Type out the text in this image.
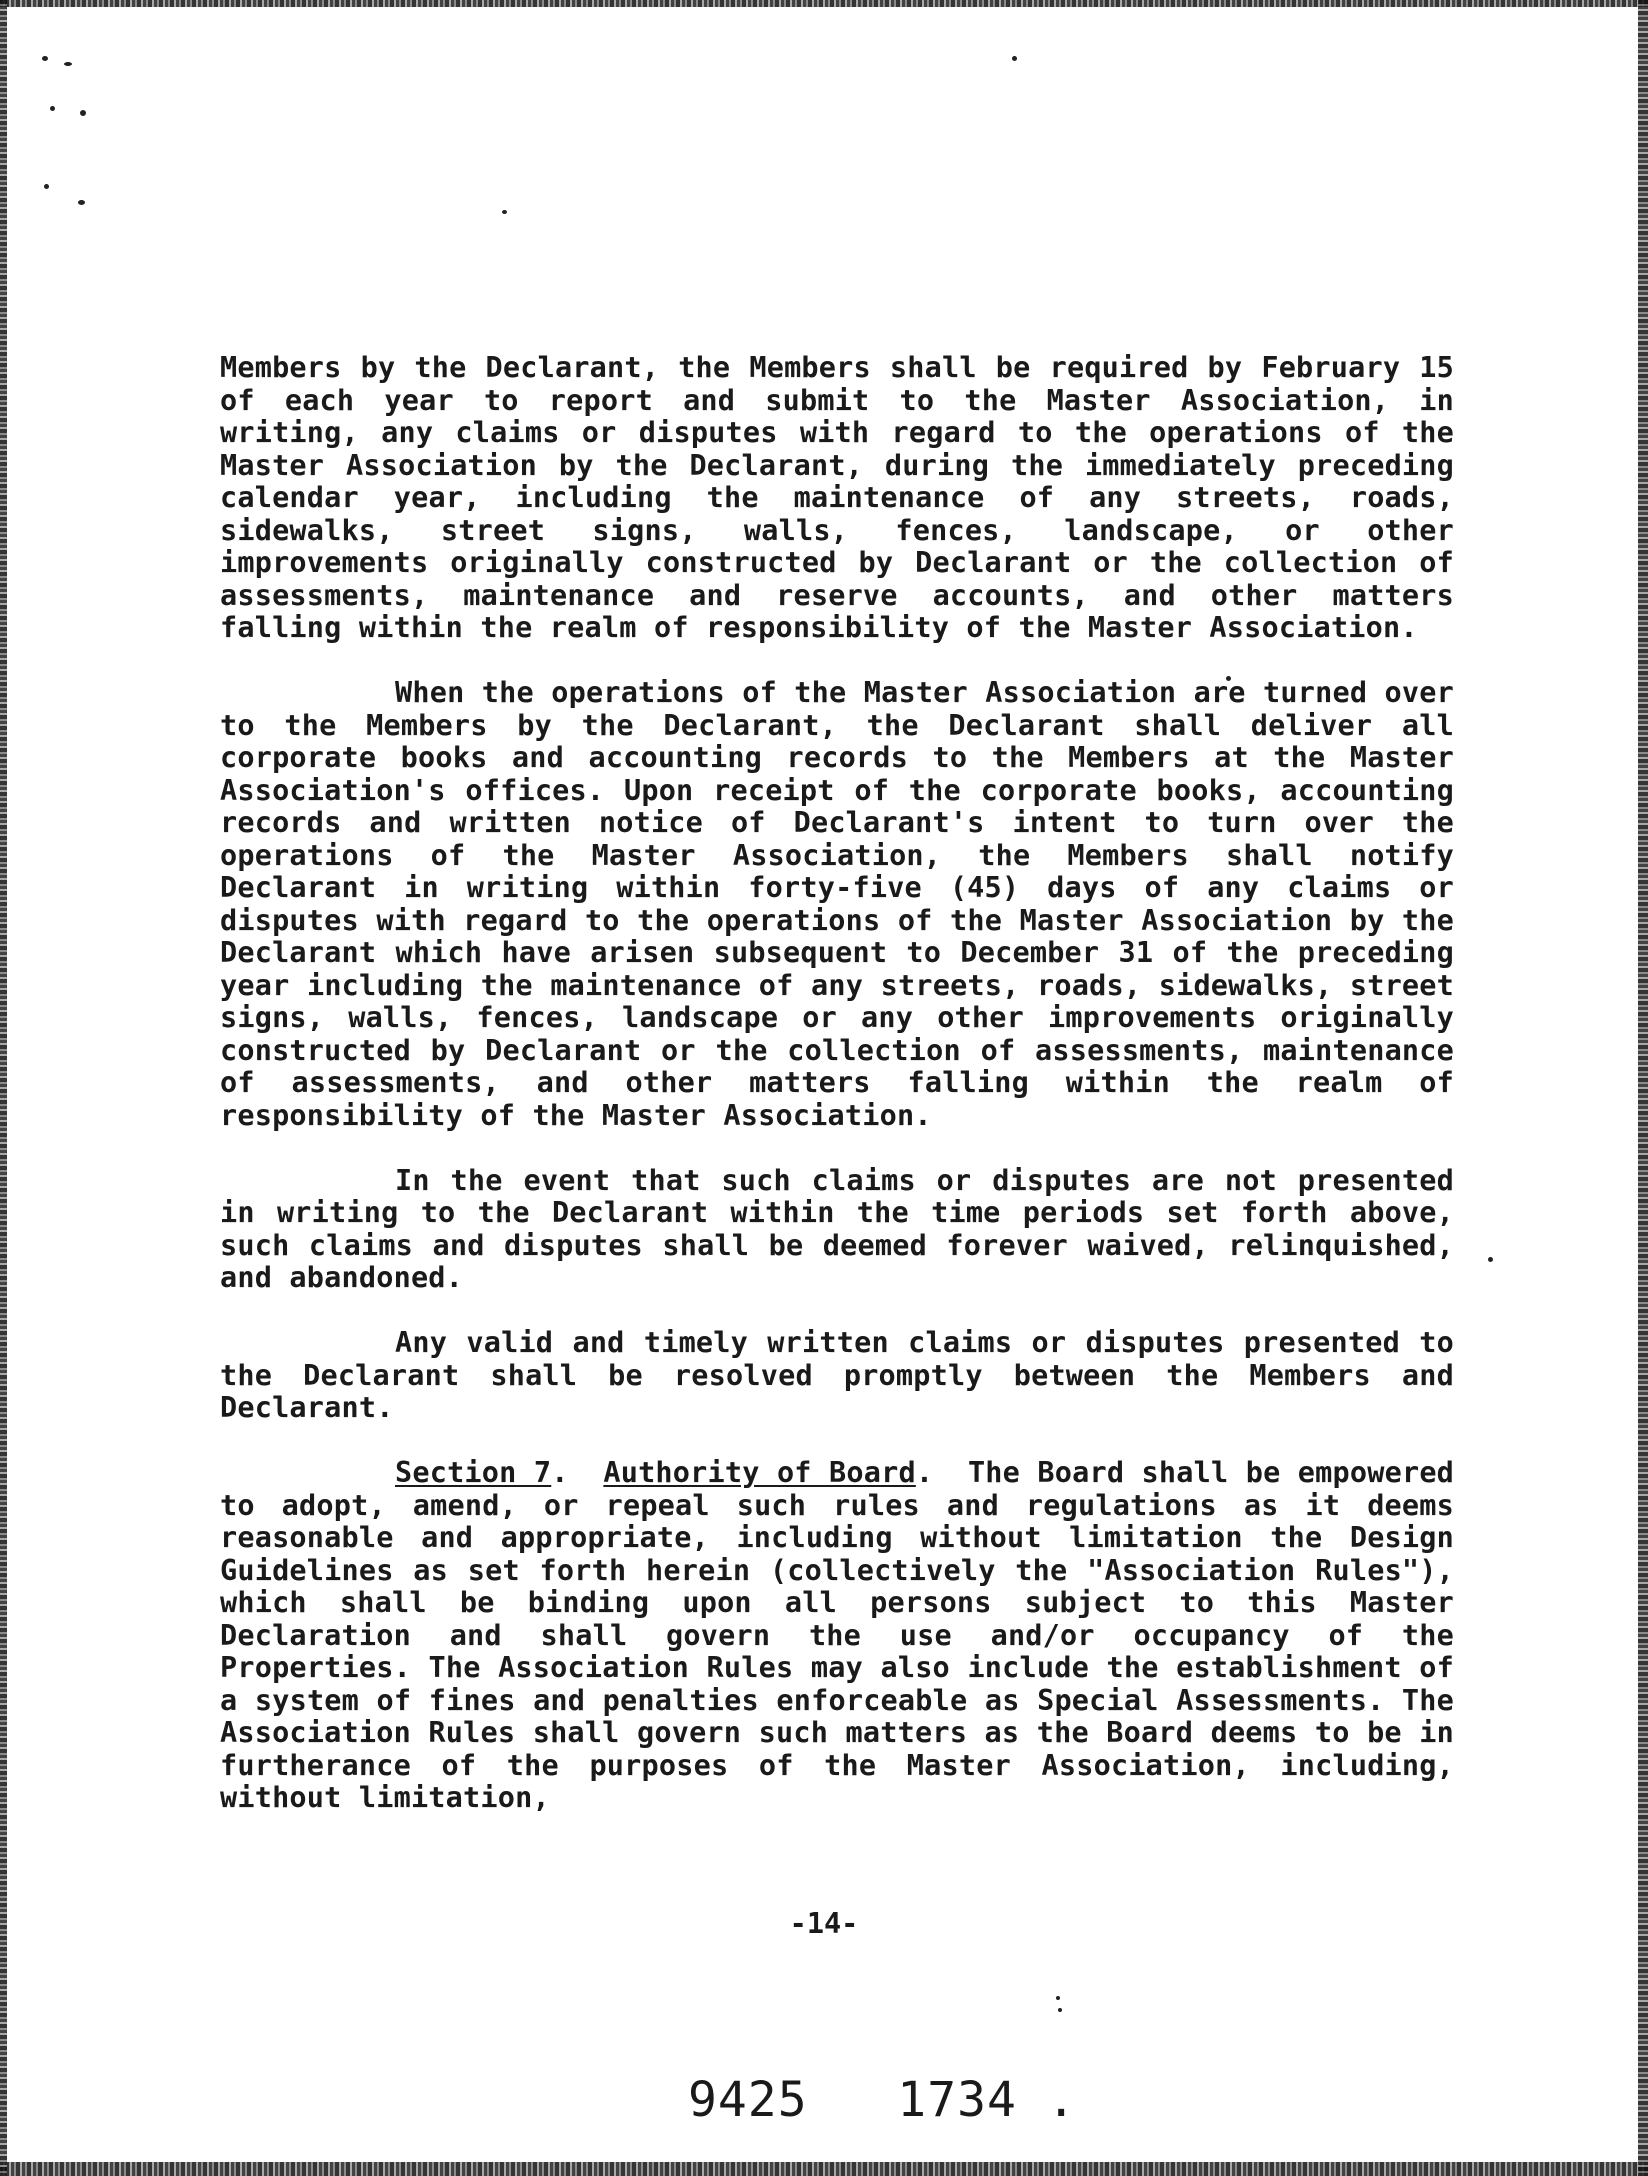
Members by the Declarant, the Members shall be required by February 15 of each year to report and submit to the Master Association, in writing, any claims or disputes with regard to the operations of the Master Association by the Declarant, during the immediately preceding calendar year, including the maintenance of any streets, roads, sidewalks, street signs, walls, fences, landscape, or other improvements originally constructed by Declarant or the collection of assessments, maintenance and reserve accounts, and other matters falling within the realm of responsibility of the Master Association.

When the operations of the Master Association are turned over to the Members by the Declarant, the Declarant shall deliver all corporate books and accounting records to the Members at the Master Association's offices. Upon receipt of the corporate books, accounting records and written notice of Declarant's intent to turn over the operations of the Master Association, the Members shall notify Declarant in writing within forty-five (45) days of any claims or disputes with regard to the operations of the Master Association by the Declarant which have arisen subsequent to December 31 of the preceding year including the maintenance of any streets, roads, sidewalks, street signs, walls, fences, landscape or any other improvements originally constructed by Declarant or the collection of assessments, maintenance of assessments, and other matters falling within the realm of responsibility of the Master Association.

In the event that such claims or disputes are not presented in writing to the Declarant within the time periods set forth above, such claims and disputes shall be deemed forever waived, relinquished, and abandoned.

Any valid and timely written claims or disputes presented to the Declarant shall be resolved promptly between the Members and Declarant.

Section 7.  Authority of Board.  The Board shall be empowered to adopt, amend, or repeal such rules and regulations as it deems reasonable and appropriate, including without limitation the Design Guidelines as set forth herein (collectively the "Association Rules"), which shall be binding upon all persons subject to this Master Declaration and shall govern the use and/or occupancy of the Properties. The Association Rules may also include the establishment of a system of fines and penalties enforceable as Special Assessments. The Association Rules shall govern such matters as the Board deems to be in furtherance of the purposes of the Master Association, including, without limitation,

-14-
9425 1734 .
